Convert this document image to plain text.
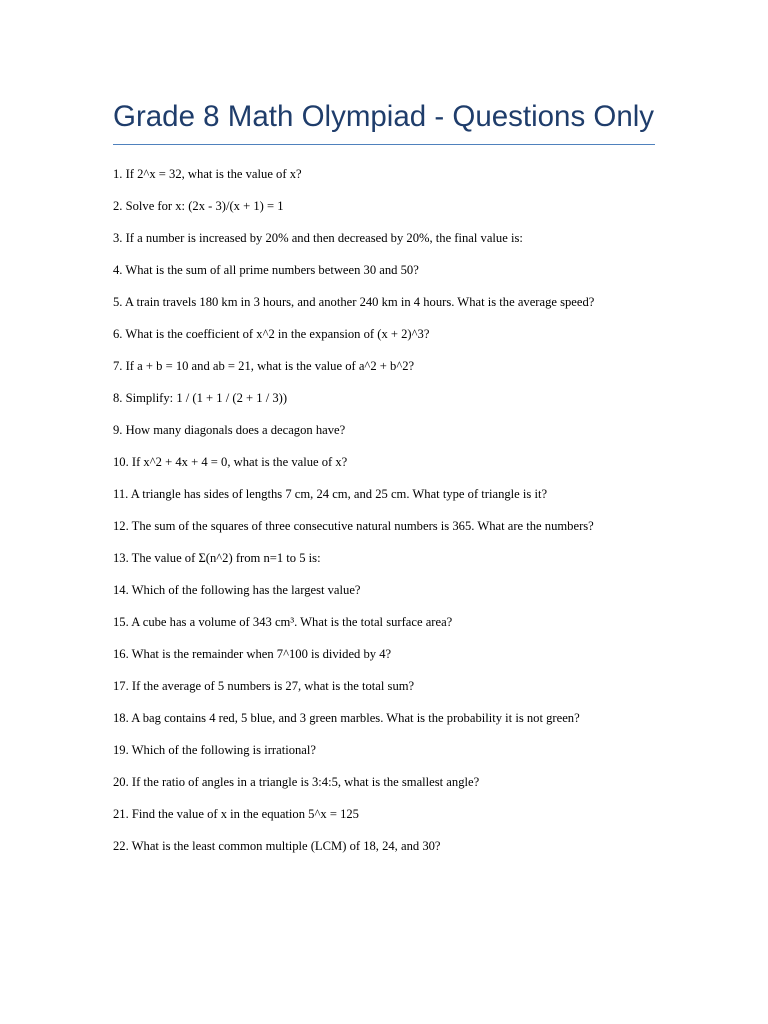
Grade 8 Math Olympiad - Questions Only
1. If 2^x = 32, what is the value of x?
2. Solve for x: (2x - 3)/(x + 1) = 1
3. If a number is increased by 20% and then decreased by 20%, the final value is:
4. What is the sum of all prime numbers between 30 and 50?
5. A train travels 180 km in 3 hours, and another 240 km in 4 hours. What is the average speed?
6. What is the coefficient of x^2 in the expansion of (x + 2)^3?
7. If a + b = 10 and ab = 21, what is the value of a^2 + b^2?
8. Simplify: 1 / (1 + 1 / (2 + 1 / 3))
9. How many diagonals does a decagon have?
10. If x^2 + 4x + 4 = 0, what is the value of x?
11. A triangle has sides of lengths 7 cm, 24 cm, and 25 cm. What type of triangle is it?
12. The sum of the squares of three consecutive natural numbers is 365. What are the numbers?
13. The value of Σ(n^2) from n=1 to 5 is:
14. Which of the following has the largest value?
15. A cube has a volume of 343 cm³. What is the total surface area?
16. What is the remainder when 7^100 is divided by 4?
17. If the average of 5 numbers is 27, what is the total sum?
18. A bag contains 4 red, 5 blue, and 3 green marbles. What is the probability it is not green?
19. Which of the following is irrational?
20. If the ratio of angles in a triangle is 3:4:5, what is the smallest angle?
21. Find the value of x in the equation 5^x = 125
22. What is the least common multiple (LCM) of 18, 24, and 30?
